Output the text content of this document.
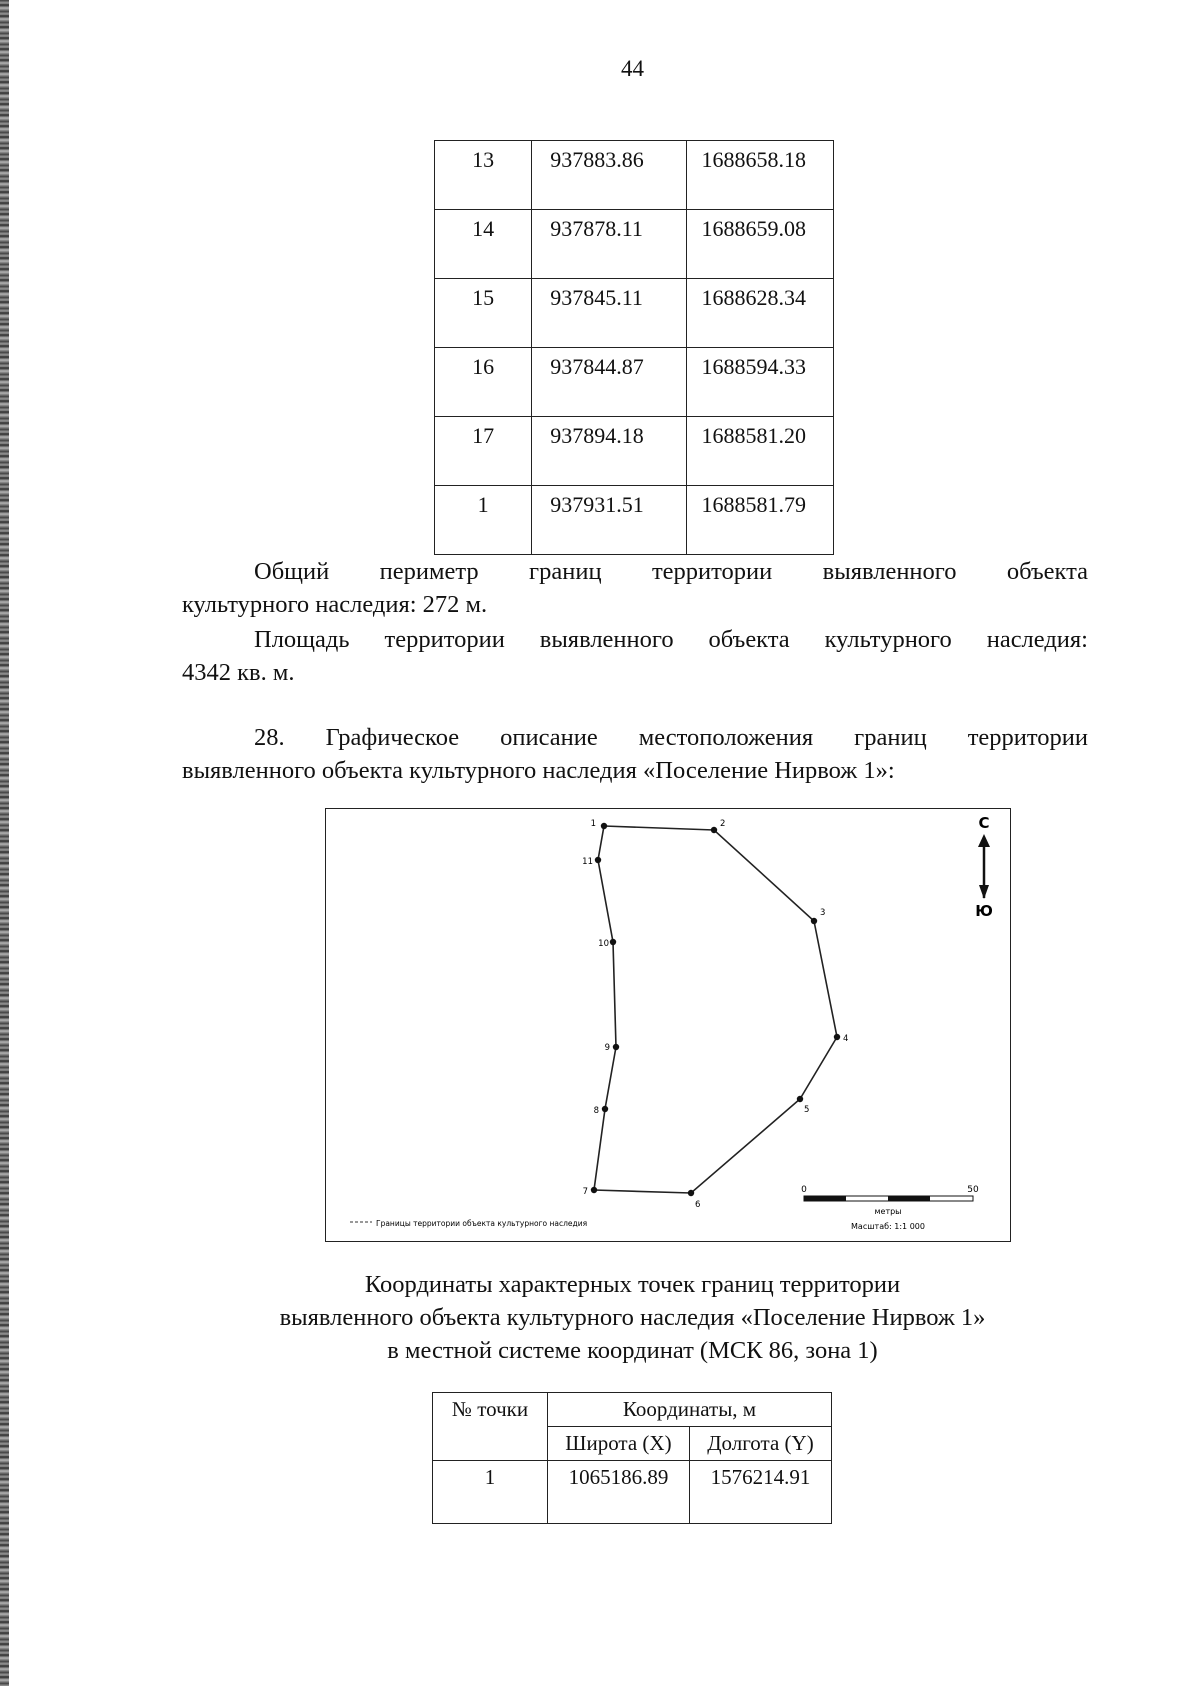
44
13	937883.86	1688658.18
14	937878.11	1688659.08
15	937845.11	1688628.34
16	937844.87	1688594.33
17	937894.18	1688581.20
1	937931.51	1688581.79
Общий периметр границ территории выявленного объекта
культурного наследия: 272 м.
Площадь территории выявленного объекта культурного наследия:
4342 кв. м.
28. Графическое описание местоположения границ территории
выявленного объекта культурного наследия «Поселение Нирвож 1»:
1	2
3
4
5
6
7
8
9
10
11
С
Ю
0	50
метры
Масштаб: 1:1 000
Границы территории объекта культурного наследия
Координаты характерных точек границ территории
выявленного объекта культурного наследия «Поселение Нирвож 1»
в местной системе координат (МСК 86, зона 1)
№ точки	Координаты, м	
	Широта (X)	Долгота (Y)
1	1065186.89	1576214.91
